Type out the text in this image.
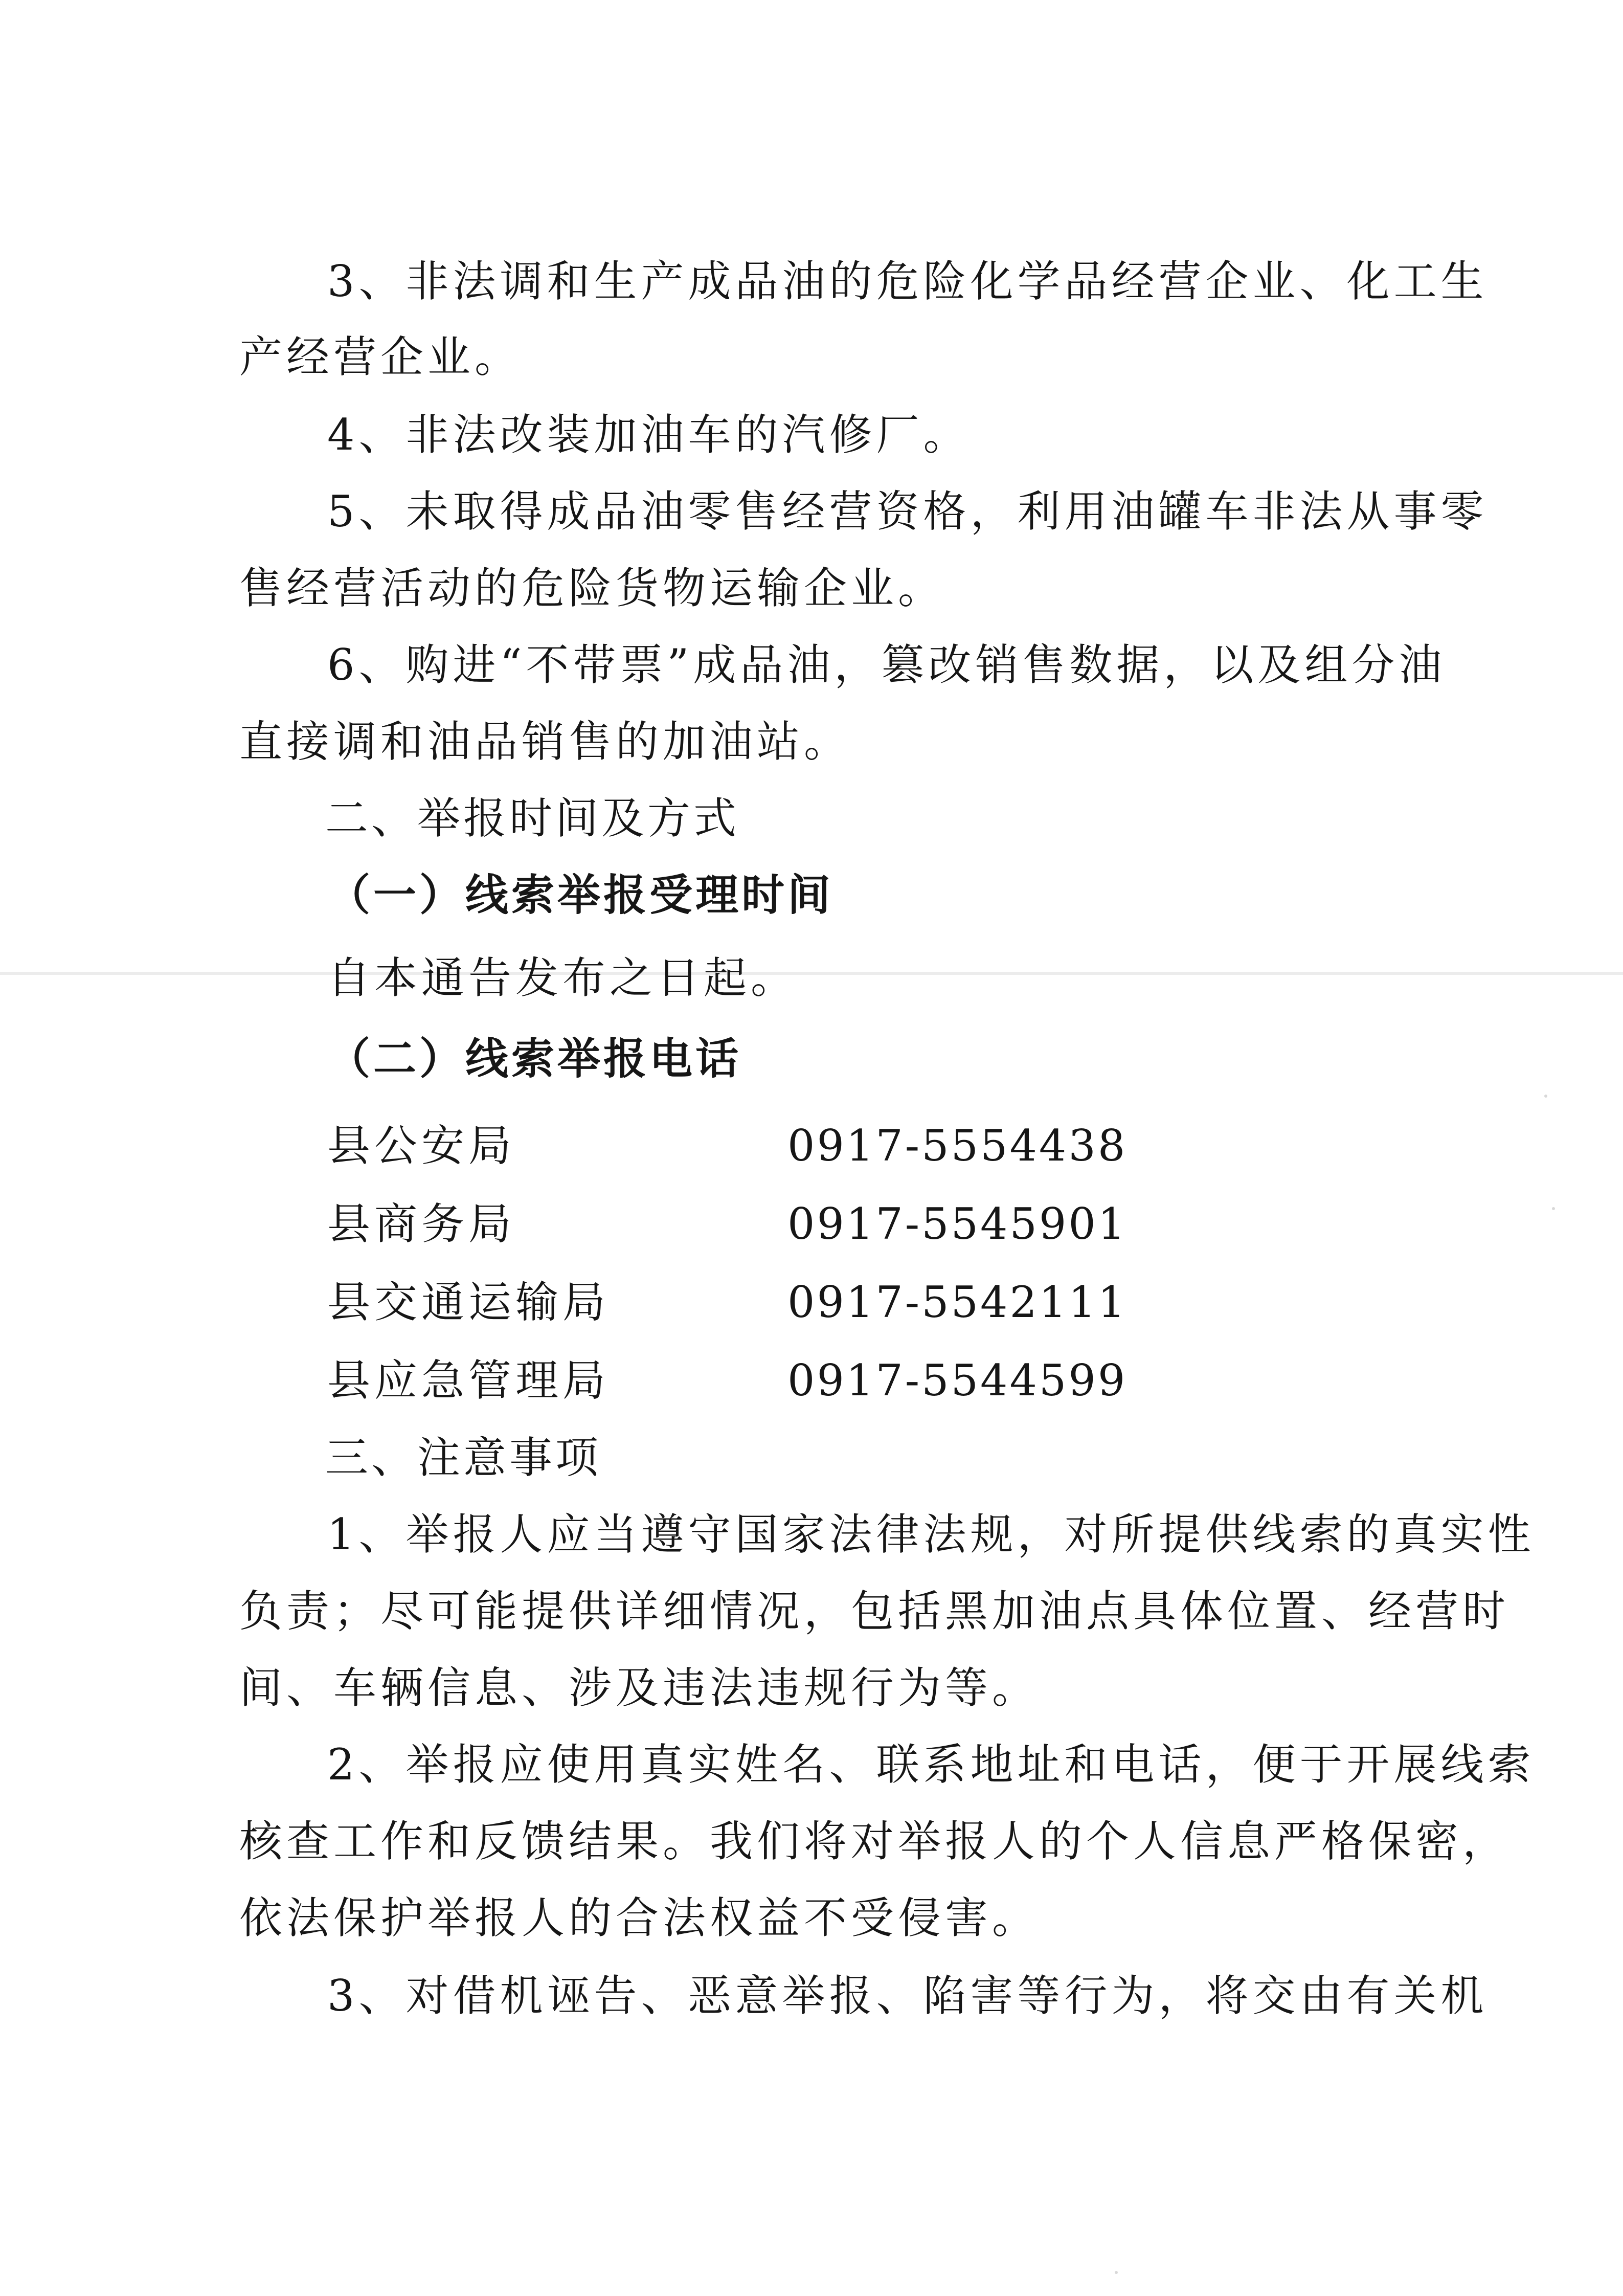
3、非法调和生产成品油的危险化学品经营企业、化工生
产经营企业。
4、非法改装加油车的汽修厂。
5、未取得成品油零售经营资格，利用油罐车非法从事零
售经营活动的危险货物运输企业。
6、购进“不带票”成品油，篡改销售数据，以及组分油
直接调和油品销售的加油站。
二、举报时间及方式
（一）线索举报受理时间
自本通告发布之日起。
（二）线索举报电话
县公安局	0917-5554438
县商务局	0917-5545901
县交通运输局	0917-5542111
县应急管理局	0917-5544599
三、注意事项
1、举报人应当遵守国家法律法规，对所提供线索的真实性
负责；尽可能提供详细情况，包括黑加油点具体位置、经营时
间、车辆信息、涉及违法违规行为等。
2、举报应使用真实姓名、联系地址和电话，便于开展线索
核查工作和反馈结果。我们将对举报人的个人信息严格保密，
依法保护举报人的合法权益不受侵害。
3、对借机诬告、恶意举报、陷害等行为，将交由有关机
